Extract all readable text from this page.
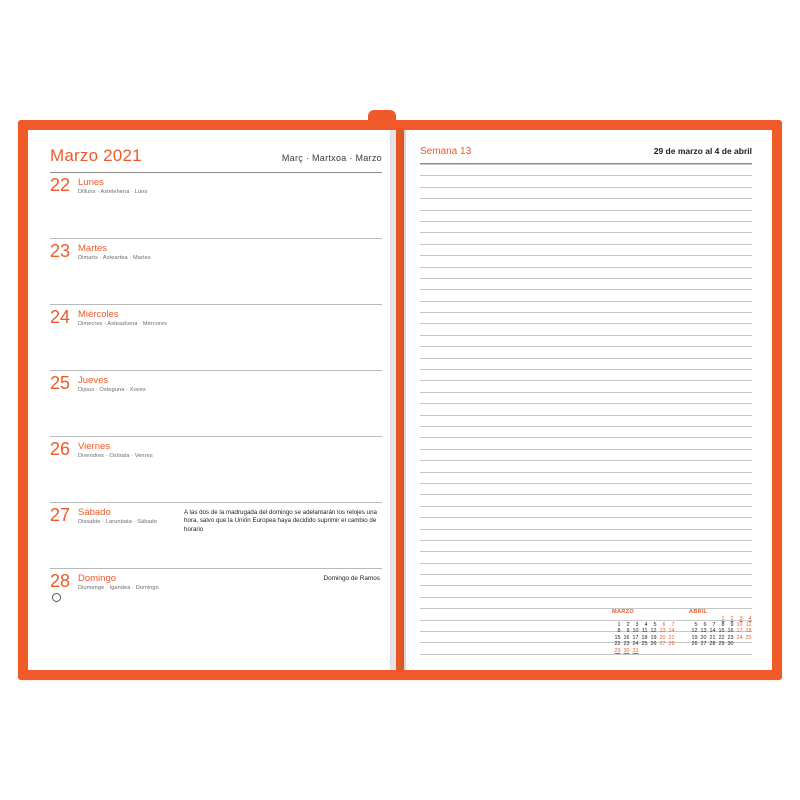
Marzo 2021	Març · Martxoa · Marzo
22 Lunes
Dilluns · Astelehena · Luns
23 Martes
Dimarts · Asteartea · Martes
24 Miércoles
Dimecres · Asteazkena · Mércores
25 Jueves
Dijous · Osteguna · Xoves
26 Viernes
Divendres · Ostirala · Venres
27 Sábado
Dissabte · Larunbata · Sábado
A las dos de la madrugada del domingo se adelantarán los relojes una hora, salvo que la Unión Europea haya decidido suprimir el cambio de horario
28 Domingo
Diumenge · Igandea · Domingo
Domingo de Ramos
Semana 13	29 de marzo al 4 de abril
MARZO

1	2	3	4	5	6	7
8	9	10	11	12	13	14
15	16	17	18	19	20	21
22	23	24	25	26	27	28
29	30	31				
ABRIL
			1	2	3	4
5	6	7	8	9	10	11
12	13	14	15	16	17	18
19	20	21	22	23	24	25
26	27	28	29	30		
